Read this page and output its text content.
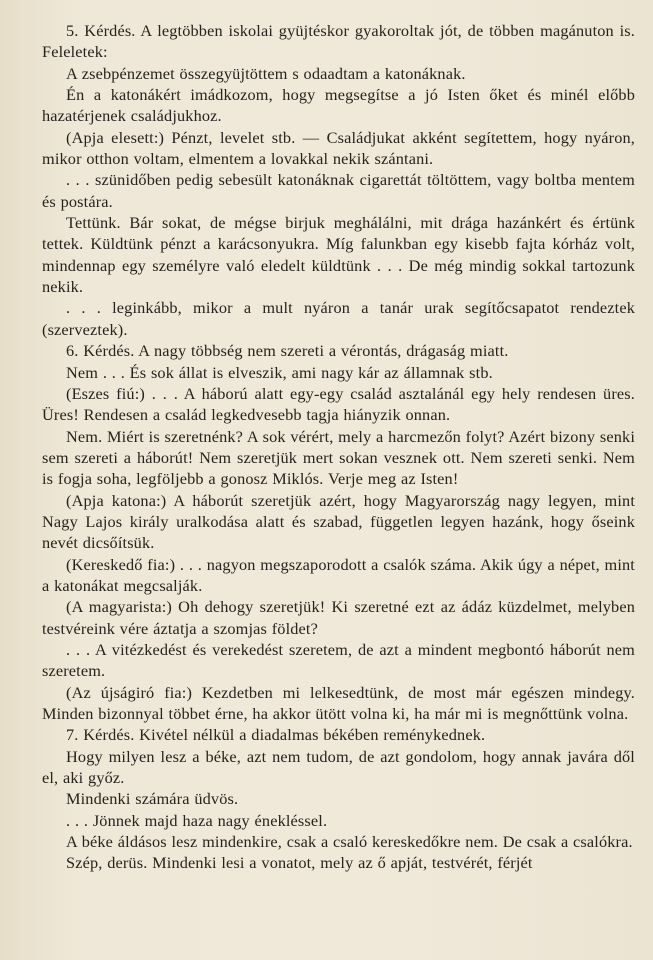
5. Kérdés. A legtöbben iskolai gyüjtéskor gyakoroltak jót, de többen magánuton is. Feleletek:

A zsebpénzemet összegyüjtöttem s odaadtam a katonáknak.

Én a katonákért imádkozom, hogy megsegítse a jó Isten őket és minél előbb hazatérjenek családjukhoz.

(Apja elesett:) Pénzt, levelet stb. — Családjukat akként segítettem, hogy nyáron, mikor otthon voltam, elmentem a lovakkal nekik szántani.

. . . szünidőben pedig sebesült katonáknak cigarettát töltöttem, vagy boltba mentem és postára.

Tettünk. Bár sokat, de mégse birjuk meghálálni, mit drága hazánkért és értünk tettek. Küldtünk pénzt a karácsonyukra. Míg falunkban egy kisebb fajta kórház volt, mindennap egy személyre való eledelt küldtünk . . . De még mindig sokkal tartozunk nekik.

. . . leginkább, mikor a mult nyáron a tanár urak segítőcsapatot rendeztek (szerveztek).

6. Kérdés. A nagy többség nem szereti a vérontás, drágaság miatt.

Nem . . . És sok állat is elveszik, ami nagy kár az államnak stb.

(Eszes fiú:) . . . A háború alatt egy-egy család asztalánál egy hely rendesen üres. Üres! Rendesen a család legkedvesebb tagja hiányzik onnan.

Nem. Miért is szeretnénk? A sok vérért, mely a harcmezőn folyt? Azért bizony senki sem szereti a háborút! Nem szeretjük mert sokan vesznek ott. Nem szereti senki. Nem is fogja soha, legföljebb a gonosz Miklós. Verje meg az Isten!

(Apja katona:) A háborút szeretjük azért, hogy Magyarország nagy legyen, mint Nagy Lajos király uralkodása alatt és szabad, független legyen hazánk, hogy őseink nevét dicsőítsük.

(Kereskedő fia:) . . . nagyon megszaporodott a csalók száma. Akik úgy a népet, mint a katonákat megcsalják.

(A magyarista:) Oh dehogy szeretjük! Ki szeretné ezt az ádáz küzdelmet, melyben testvéreink vére áztatja a szomjas földet?

. . . A vitézkedést és verekedést szeretem, de azt a mindent megbontó háborút nem szeretem.

(Az újságiró fia:) Kezdetben mi lelkesedtünk, de most már egészen mindegy. Minden bizonnyal többet érne, ha akkor ütött volna ki, ha már mi is megnőttünk volna.

7. Kérdés. Kivétel nélkül a diadalmas békében reménykednek.

Hogy milyen lesz a béke, azt nem tudom, de azt gondolom, hogy annak javára dől el, aki győz.

Mindenki számára üdvös.

. . . Jönnek majd haza nagy énekléssel.

A béke áldásos lesz mindenkire, csak a csaló kereskedőkre nem. De csak a csalókra.

Szép, derüs. Mindenki lesi a vonatot, mely az ő apját, testvérét, férjét
